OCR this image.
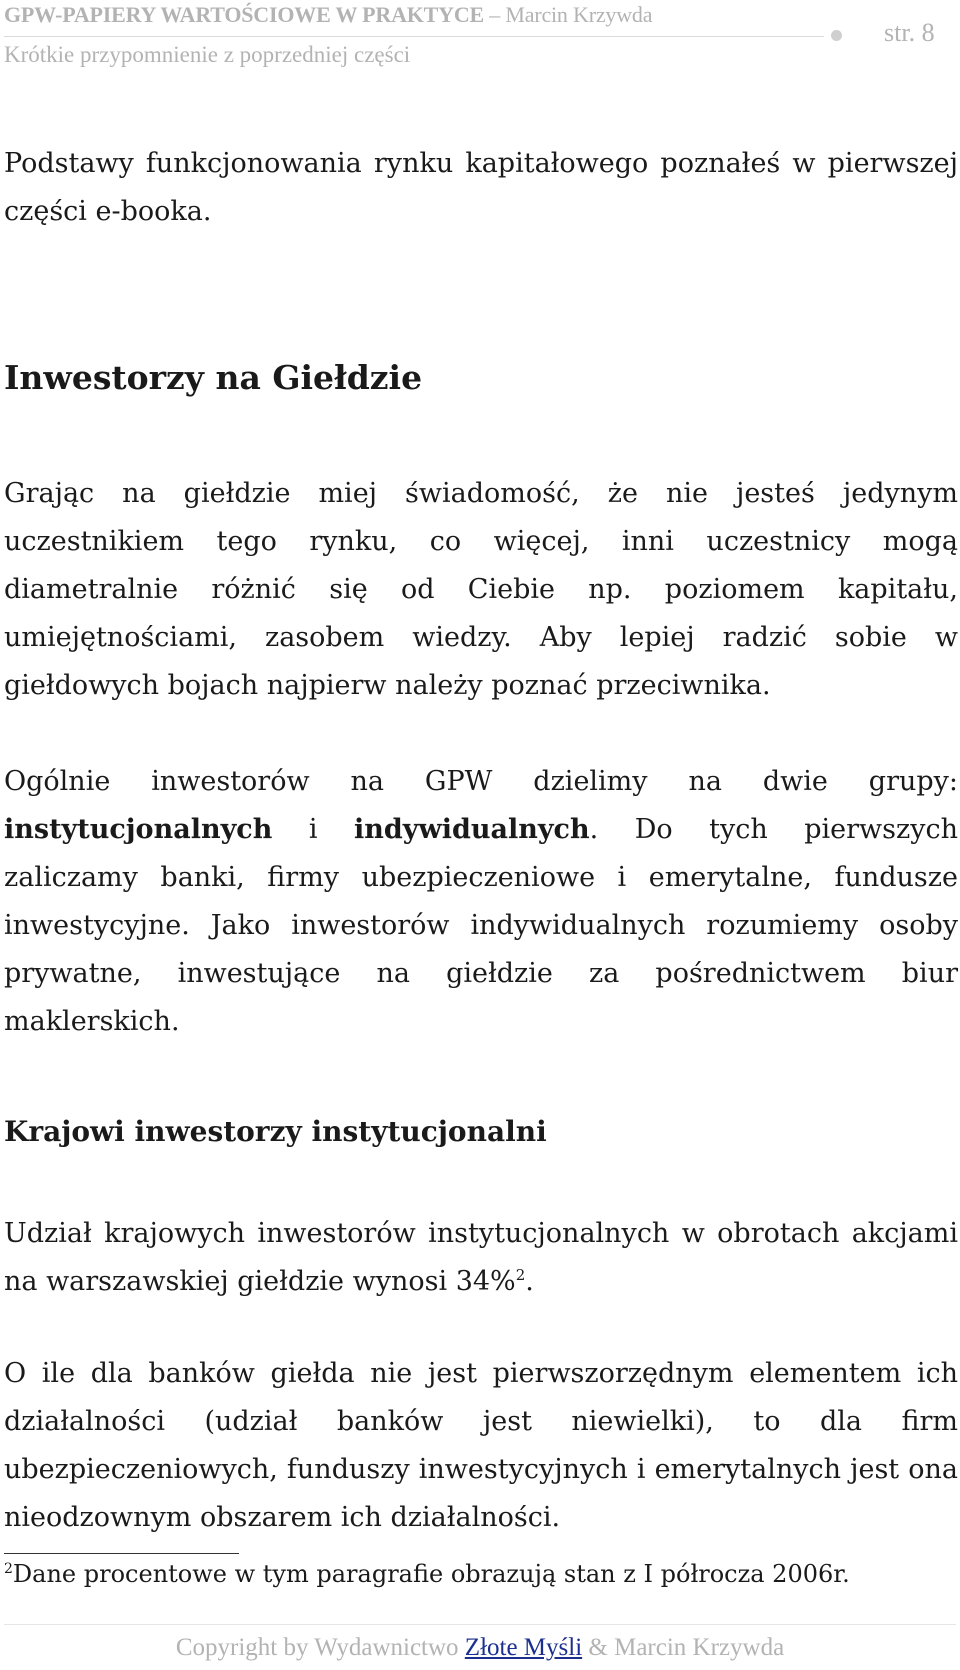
GPW-PAPIERY WARTOŚCIOWE W PRAKTYCE – Marcin Krzywda
Krótkie przypomnienie z poprzedniej części
str. 8

Podstawy funkcjonowania rynku kapitałowego poznałeś w pierwszej części e-booka.

Inwestorzy na Giełdzie

Grając na giełdzie miej świadomość, że nie jesteś jedynym uczestnikiem tego rynku, co więcej, inni uczestnicy mogą diametralnie różnić się od Ciebie np. poziomem kapitału, umiejętnościami, zasobem wiedzy. Aby lepiej radzić sobie w giełdowych bojach najpierw należy poznać przeciwnika.

Ogólnie inwestorów na GPW dzielimy na dwie grupy: instytucjonalnych i indywidualnych. Do tych pierwszych zaliczamy banki, firmy ubezpieczeniowe i emerytalne, fundusze inwestycyjne. Jako inwestorów indywidualnych rozumiemy osoby prywatne, inwestujące na giełdzie za pośrednictwem biur maklerskich.

Krajowi inwestorzy instytucjonalni

Udział krajowych inwestorów instytucjonalnych w obrotach akcjami na warszawskiej giełdzie wynosi 34%$^2$.

O ile dla banków giełda nie jest pierwszorzędnym elementem ich działalności (udział banków jest niewielki), to dla firm ubezpieczeniowych, funduszy inwestycyjnych i emerytalnych jest ona nieodzownym obszarem ich działalności.

$^2$Dane procentowe w tym paragrafie obrazują stan z I półrocza 2006r.
Copyright by Wydawnictwo Złote Myśli & Marcin Krzywda
